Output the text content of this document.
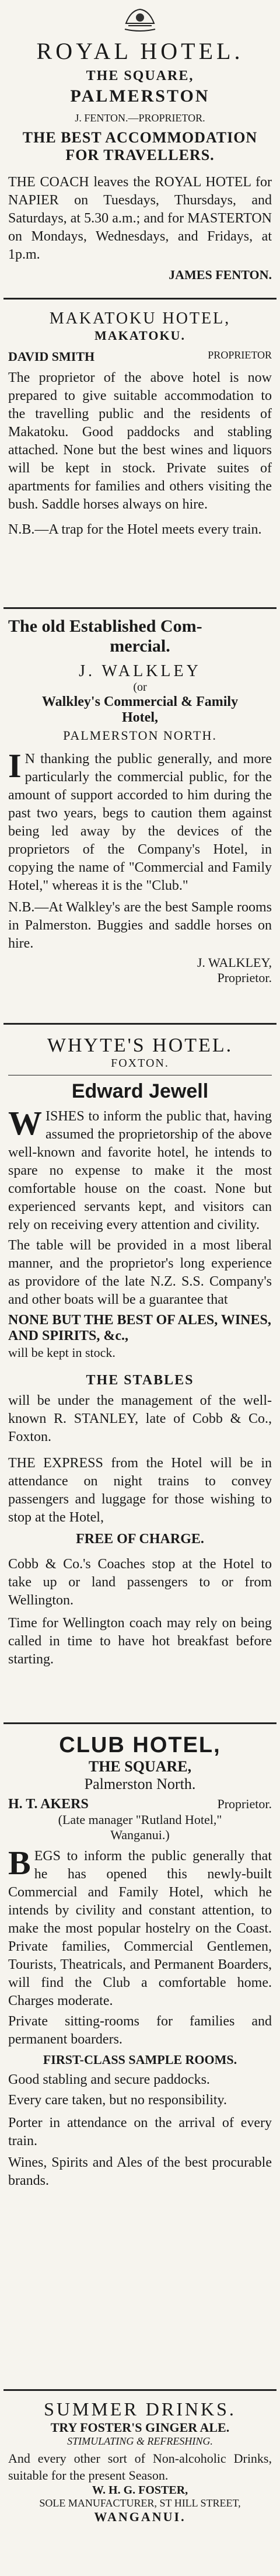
ROYAL HOTEL.
THE SQUARE,
PALMERSTON
J. FENTON.—PROPRIETOR.
THE BEST ACCOMMODATION
FOR TRAVELLERS.

THE COACH leaves the ROYAL HOTEL for NAPIER on Tuesdays, Thursdays, and Saturdays, at 5.30 a.m.; and for MASTERTON on Mondays, Wednesdays, and Fridays, at 1p.m.

JAMES FENTON.
MAKATOKU HOTEL,
MAKATOKU.
DAVID SMITH	PROPRIETOR

The proprietor of the above hotel is now prepared to give suitable accommodation to the travelling public and the residents of Makatoku. Good paddocks and stabling attached. None but the best wines and liquors will be kept in stock. Private suites of apartments for families and others visiting the bush. Saddle horses always on hire.

N.B.—A trap for the Hotel meets every train.

The old Established Com-
mercial.
J. WALKLEY
(or
Walkley's Commercial & Family
Hotel,
PALMERSTON NORTH.

I N thanking the public generally, and more particularly the commercial public, for the amount of support accorded to him during the past two years, begs to caution them against being led away by the devices of the proprietors of the Company's Hotel, in copying the name of "Commercial and Family Hotel," whereas it is the "Club."

N.B.—At Walkley's are the best Sample rooms in Palmerston. Buggies and saddle horses on hire.

J. WALKLEY,
Proprietor.
WHYTE'S HOTEL.
FOXTON.
Edward Jewell

WISHES to inform the public that, having assumed the proprietorship of the above well-known and favorite hotel, he intends to spare no expense to make it the most comfortable house on the coast. None but experienced servants kept, and visitors can rely on receiving every attention and civility.

The table will be provided in a most liberal manner, and the proprietor's long experience as providore of the late N.Z. S.S. Company's and other boats will be a guarantee that

NONE BUT THE BEST OF ALES, WINES, AND SPIRITS, &c.,
will be kept in stock.
THE STABLES

will be under the management of the well-known R. STANLEY, late of Cobb & Co., Foxton.

THE EXPRESS from the Hotel will be in attendance on night trains to convey passengers and luggage for those wishing to stop at the Hotel,

FREE OF CHARGE.

Cobb & Co.'s Coaches stop at the Hotel to take up or land passengers to or from Wellington.

Time for Wellington coach may rely on being called in time to have hot breakfast before starting.

CLUB HOTEL,
THE SQUARE,
Palmerston North.
H. T. AKERS	Proprietor.
(Late manager "Rutland Hotel,"
Wanganui.)

BEGS to inform the public generally that he has opened this newly-built Commercial and Family Hotel, which he intends by civility and constant attention, to make the most popular hostelry on the Coast. Private families, Commercial Gentlemen, Tourists, Theatricals, and Permanent Boarders, will find the Club a comfortable home. Charges moderate.

Private sitting-rooms for families and permanent boarders.

FIRST-CLASS SAMPLE ROOMS.

Good stabling and secure paddocks.

Every care taken, but no responsibility.

Porter in attendance on the arrival of every train.

Wines, Spirits and Ales of the best procurable brands.

SUMMER DRINKS.
TRY FOSTER'S GINGER ALE.
STIMULATING & REFRESHING.

And every other sort of Non-alcoholic Drinks, suitable for the present Season.

W. H. G. FOSTER,
SOLE MANUFACTURER, ST HILL STREET,
WANGANUI.
